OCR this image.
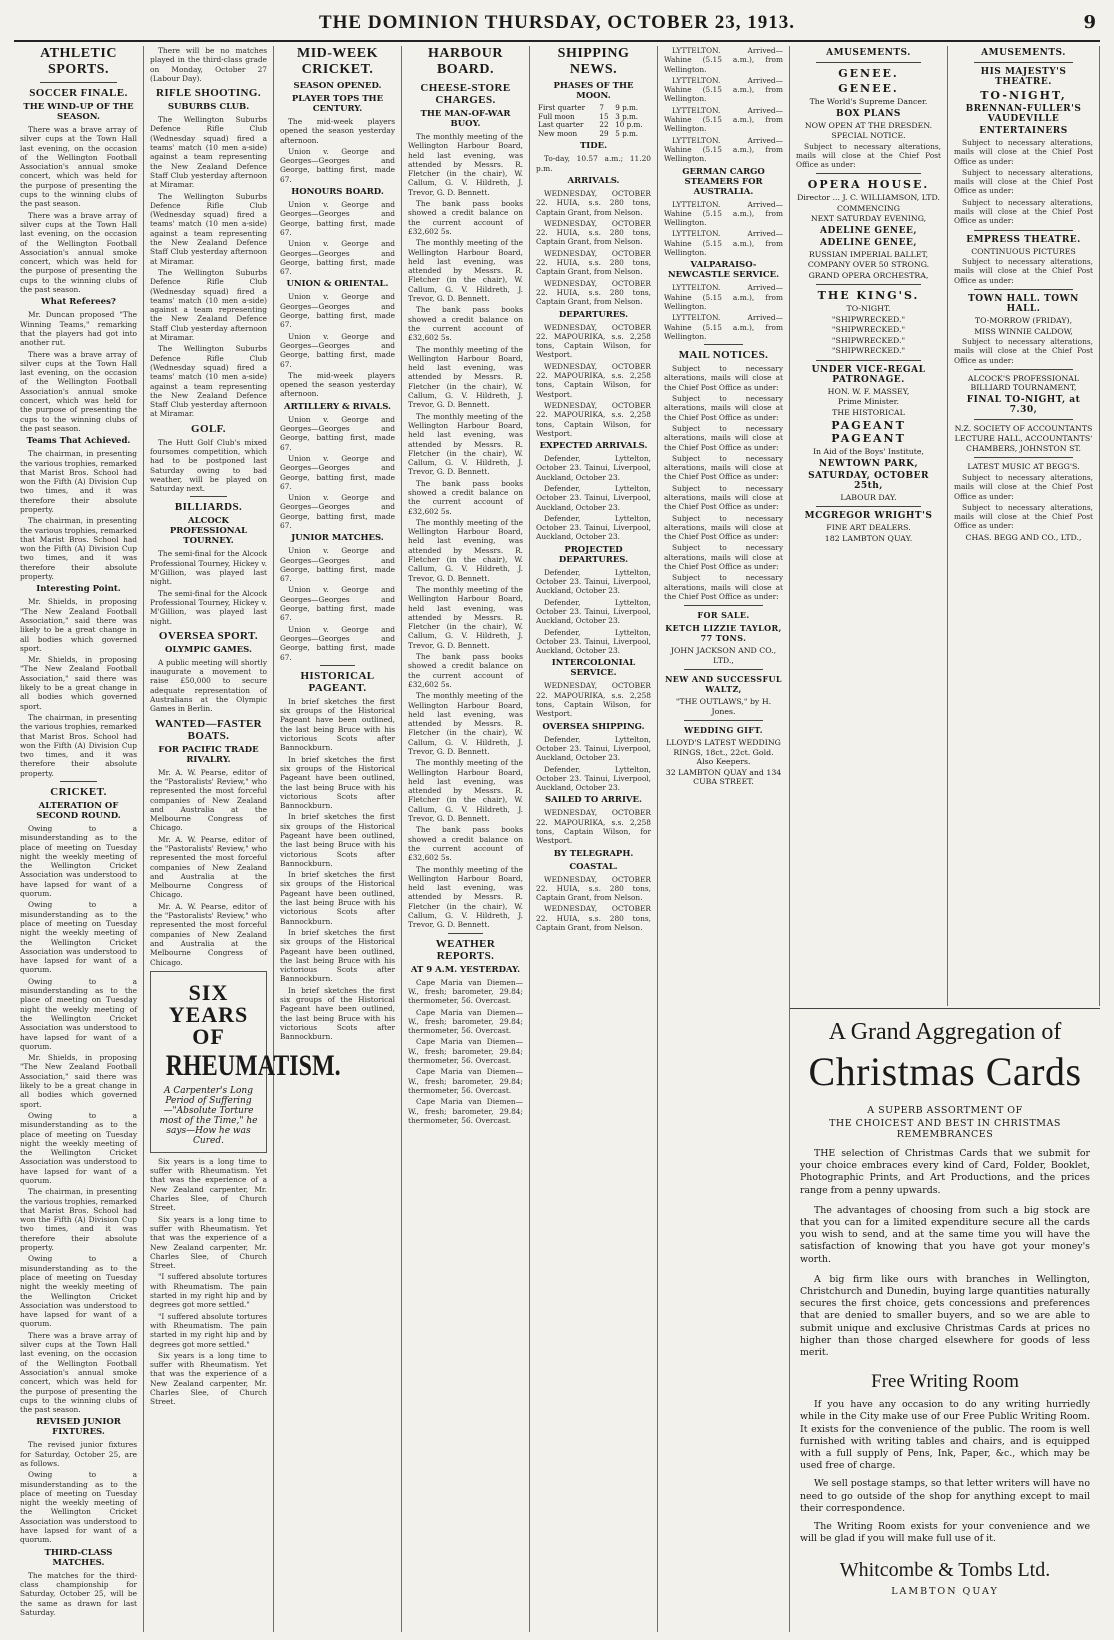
THE DOMINION THURSDAY, OCTOBER 23, 1913.	9
ATHLETIC SPORTS.
SOCCER FINALE.
THE WIND-UP OF THE SEASON.

There was a brave array of silver cups at the Town Hall last evening, on the occasion of the Wellington Football Association's annual smoke concert, which was held for the purpose of presenting the cups to the winning clubs of the past season.

There was a brave array of silver cups at the Town Hall last evening, on the occasion of the Wellington Football Association's annual smoke concert, which was held for the purpose of presenting the cups to the winning clubs of the past season.

What Referees?

Mr. Duncan proposed "The Winning Teams," remarking that the players had got into another rut.

There was a brave array of silver cups at the Town Hall last evening, on the occasion of the Wellington Football Association's annual smoke concert, which was held for the purpose of presenting the cups to the winning clubs of the past season.

Teams That Achieved.

The chairman, in presenting the various trophies, remarked that Marist Bros. School had won the Fifth (A) Division Cup two times, and it was therefore their absolute property.

The chairman, in presenting the various trophies, remarked that Marist Bros. School had won the Fifth (A) Division Cup two times, and it was therefore their absolute property.

Interesting Point.

Mr. Shields, in proposing "The New Zealand Football Association," said there was likely to be a great change in all bodies which governed sport.

Mr. Shields, in proposing "The New Zealand Football Association," said there was likely to be a great change in all bodies which governed sport.

The chairman, in presenting the various trophies, remarked that Marist Bros. School had won the Fifth (A) Division Cup two times, and it was therefore their absolute property.

CRICKET.
ALTERATION OF SECOND ROUND.

Owing to a misunderstanding as to the place of meeting on Tuesday night the weekly meeting of the Wellington Cricket Association was understood to have lapsed for want of a quorum.

Owing to a misunderstanding as to the place of meeting on Tuesday night the weekly meeting of the Wellington Cricket Association was understood to have lapsed for want of a quorum.

Owing to a misunderstanding as to the place of meeting on Tuesday night the weekly meeting of the Wellington Cricket Association was understood to have lapsed for want of a quorum.

Mr. Shields, in proposing "The New Zealand Football Association," said there was likely to be a great change in all bodies which governed sport.

Owing to a misunderstanding as to the place of meeting on Tuesday night the weekly meeting of the Wellington Cricket Association was understood to have lapsed for want of a quorum.

The chairman, in presenting the various trophies, remarked that Marist Bros. School had won the Fifth (A) Division Cup two times, and it was therefore their absolute property.

Owing to a misunderstanding as to the place of meeting on Tuesday night the weekly meeting of the Wellington Cricket Association was understood to have lapsed for want of a quorum.

There was a brave array of silver cups at the Town Hall last evening, on the occasion of the Wellington Football Association's annual smoke concert, which was held for the purpose of presenting the cups to the winning clubs of the past season.

REVISED JUNIOR FIXTURES.

The revised junior fixtures for Saturday, October 25, are as follows.

Owing to a misunderstanding as to the place of meeting on Tuesday night the weekly meeting of the Wellington Cricket Association was understood to have lapsed for want of a quorum.

THIRD-CLASS MATCHES.

The matches for the third-class championship for Saturday, October 25, will be the same as drawn for last Saturday.

There will be no matches played in the third-class grade on Monday, October 27 (Labour Day).

RIFLE SHOOTING.
SUBURBS CLUB.

The Wellington Suburbs Defence Rifle Club (Wednesday squad) fired a teams' match (10 men a-side) against a team representing the New Zealand Defence Staff Club yesterday afternoon at Miramar.

The Wellington Suburbs Defence Rifle Club (Wednesday squad) fired a teams' match (10 men a-side) against a team representing the New Zealand Defence Staff Club yesterday afternoon at Miramar.

The Wellington Suburbs Defence Rifle Club (Wednesday squad) fired a teams' match (10 men a-side) against a team representing the New Zealand Defence Staff Club yesterday afternoon at Miramar.

The Wellington Suburbs Defence Rifle Club (Wednesday squad) fired a teams' match (10 men a-side) against a team representing the New Zealand Defence Staff Club yesterday afternoon at Miramar.

GOLF.

The Hutt Golf Club's mixed foursomes competition, which had to be postponed last Saturday owing to bad weather, will be played on Saturday next.

BILLIARDS.
ALCOCK PROFESSIONAL TOURNEY.

The semi-final for the Alcock Professional Tourney, Hickey v. M'Gillion, was played last night.

The semi-final for the Alcock Professional Tourney, Hickey v. M'Gillion, was played last night.

OVERSEA SPORT.
OLYMPIC GAMES.

A public meeting will shortly inaugurate a movement to raise £50,000 to secure adequate representation of Australians at the Olympic Games in Berlin.

WANTED—FASTER BOATS.
FOR PACIFIC TRADE RIVALRY.

Mr. A. W. Pearse, editor of the "Pastoralists' Review," who represented the most forceful companies of New Zealand and Australia at the Melbourne Congress of Chicago.

Mr. A. W. Pearse, editor of the "Pastoralists' Review," who represented the most forceful companies of New Zealand and Australia at the Melbourne Congress of Chicago.

Mr. A. W. Pearse, editor of the "Pastoralists' Review," who represented the most forceful companies of New Zealand and Australia at the Melbourne Congress of Chicago.

SIX YEARS OF
RHEUMATISM.
A Carpenter's Long Period of Suffering—"Absolute Torture most of the Time," he says—How he was Cured.

Six years is a long time to suffer with Rheumatism. Yet that was the experience of a New Zealand carpenter, Mr. Charles Slee, of Church Street.

Six years is a long time to suffer with Rheumatism. Yet that was the experience of a New Zealand carpenter, Mr. Charles Slee, of Church Street.

"I suffered absolute tortures with Rheumatism. The pain started in my right hip and by degrees got more settled."

"I suffered absolute tortures with Rheumatism. The pain started in my right hip and by degrees got more settled."

Six years is a long time to suffer with Rheumatism. Yet that was the experience of a New Zealand carpenter, Mr. Charles Slee, of Church Street.

MID-WEEK CRICKET.
SEASON OPENED.
PLAYER TOPS THE CENTURY.

The mid-week players opened the season yesterday afternoon.

Union v. George and Georges—Georges and George, batting first, made 67.

HONOURS BOARD.

Union v. George and Georges—Georges and George, batting first, made 67.

Union v. George and Georges—Georges and George, batting first, made 67.

UNION & ORIENTAL.

Union v. George and Georges—Georges and George, batting first, made 67.

Union v. George and Georges—Georges and George, batting first, made 67.

The mid-week players opened the season yesterday afternoon.

ARTILLERY & RIVALS.

Union v. George and Georges—Georges and George, batting first, made 67.

Union v. George and Georges—Georges and George, batting first, made 67.

Union v. George and Georges—Georges and George, batting first, made 67.

JUNIOR MATCHES.

Union v. George and Georges—Georges and George, batting first, made 67.

Union v. George and Georges—Georges and George, batting first, made 67.

Union v. George and Georges—Georges and George, batting first, made 67.

HISTORICAL PAGEANT.

In brief sketches the first six groups of the Historical Pageant have been outlined, the last being Bruce with his victorious Scots after Bannockburn.

In brief sketches the first six groups of the Historical Pageant have been outlined, the last being Bruce with his victorious Scots after Bannockburn.

In brief sketches the first six groups of the Historical Pageant have been outlined, the last being Bruce with his victorious Scots after Bannockburn.

In brief sketches the first six groups of the Historical Pageant have been outlined, the last being Bruce with his victorious Scots after Bannockburn.

In brief sketches the first six groups of the Historical Pageant have been outlined, the last being Bruce with his victorious Scots after Bannockburn.

In brief sketches the first six groups of the Historical Pageant have been outlined, the last being Bruce with his victorious Scots after Bannockburn.

HARBOUR BOARD.
CHEESE-STORE CHARGES.
THE MAN-OF-WAR BUOY.

The monthly meeting of the Wellington Harbour Board, held last evening, was attended by Messrs. R. Fletcher (in the chair), W. Callum, G. V. Hildreth, J. Trevor, G. D. Bennett.

The bank pass books showed a credit balance on the current account of £32,602 5s.

The monthly meeting of the Wellington Harbour Board, held last evening, was attended by Messrs. R. Fletcher (in the chair), W. Callum, G. V. Hildreth, J. Trevor, G. D. Bennett.

The bank pass books showed a credit balance on the current account of £32,602 5s.

The monthly meeting of the Wellington Harbour Board, held last evening, was attended by Messrs. R. Fletcher (in the chair), W. Callum, G. V. Hildreth, J. Trevor, G. D. Bennett.

The monthly meeting of the Wellington Harbour Board, held last evening, was attended by Messrs. R. Fletcher (in the chair), W. Callum, G. V. Hildreth, J. Trevor, G. D. Bennett.

The bank pass books showed a credit balance on the current account of £32,602 5s.

The monthly meeting of the Wellington Harbour Board, held last evening, was attended by Messrs. R. Fletcher (in the chair), W. Callum, G. V. Hildreth, J. Trevor, G. D. Bennett.

The monthly meeting of the Wellington Harbour Board, held last evening, was attended by Messrs. R. Fletcher (in the chair), W. Callum, G. V. Hildreth, J. Trevor, G. D. Bennett.

The bank pass books showed a credit balance on the current account of £32,602 5s.

The monthly meeting of the Wellington Harbour Board, held last evening, was attended by Messrs. R. Fletcher (in the chair), W. Callum, G. V. Hildreth, J. Trevor, G. D. Bennett.

The monthly meeting of the Wellington Harbour Board, held last evening, was attended by Messrs. R. Fletcher (in the chair), W. Callum, G. V. Hildreth, J. Trevor, G. D. Bennett.

The bank pass books showed a credit balance on the current account of £32,602 5s.

The monthly meeting of the Wellington Harbour Board, held last evening, was attended by Messrs. R. Fletcher (in the chair), W. Callum, G. V. Hildreth, J. Trevor, G. D. Bennett.

WEATHER REPORTS.
AT 9 A.M. YESTERDAY.

Cape Maria van Diemen—W., fresh; barometer, 29.84; thermometer, 56. Overcast.

Cape Maria van Diemen—W., fresh; barometer, 29.84; thermometer, 56. Overcast.

Cape Maria van Diemen—W., fresh; barometer, 29.84; thermometer, 56. Overcast.

Cape Maria van Diemen—W., fresh; barometer, 29.84; thermometer, 56. Overcast.

Cape Maria van Diemen—W., fresh; barometer, 29.84; thermometer, 56. Overcast.

SHIPPING NEWS.
PHASES OF THE MOON.
First quarter	7	9 p.m.
Full moon	15	3 p.m.
Last quarter	22	10 p.m.
New moon	29	5 p.m.
TIDE.

To-day, 10.57 a.m.; 11.20 p.m.

ARRIVALS.

WEDNESDAY, OCTOBER 22. HUIA, s.s. 280 tons, Captain Grant, from Nelson.

WEDNESDAY, OCTOBER 22. HUIA, s.s. 280 tons, Captain Grant, from Nelson.

WEDNESDAY, OCTOBER 22. HUIA, s.s. 280 tons, Captain Grant, from Nelson.

WEDNESDAY, OCTOBER 22. HUIA, s.s. 280 tons, Captain Grant, from Nelson.

DEPARTURES.

WEDNESDAY, OCTOBER 22. MAPOURIKA, s.s. 2,258 tons, Captain Wilson, for Westport.

WEDNESDAY, OCTOBER 22. MAPOURIKA, s.s. 2,258 tons, Captain Wilson, for Westport.

WEDNESDAY, OCTOBER 22. MAPOURIKA, s.s. 2,258 tons, Captain Wilson, for Westport.

EXPECTED ARRIVALS.

Defender, Lyttelton, October 23. Tainui, Liverpool, Auckland, October 23.

Defender, Lyttelton, October 23. Tainui, Liverpool, Auckland, October 23.

Defender, Lyttelton, October 23. Tainui, Liverpool, Auckland, October 23.

PROJECTED DEPARTURES.

Defender, Lyttelton, October 23. Tainui, Liverpool, Auckland, October 23.

Defender, Lyttelton, October 23. Tainui, Liverpool, Auckland, October 23.

Defender, Lyttelton, October 23. Tainui, Liverpool, Auckland, October 23.

INTERCOLONIAL SERVICE.

WEDNESDAY, OCTOBER 22. MAPOURIKA, s.s. 2,258 tons, Captain Wilson, for Westport.

OVERSEA SHIPPING.

Defender, Lyttelton, October 23. Tainui, Liverpool, Auckland, October 23.

Defender, Lyttelton, October 23. Tainui, Liverpool, Auckland, October 23.

SAILED TO ARRIVE.

WEDNESDAY, OCTOBER 22. MAPOURIKA, s.s. 2,258 tons, Captain Wilson, for Westport.

BY TELEGRAPH.
COASTAL.

WEDNESDAY, OCTOBER 22. HUIA, s.s. 280 tons, Captain Grant, from Nelson.

WEDNESDAY, OCTOBER 22. HUIA, s.s. 280 tons, Captain Grant, from Nelson.

LYTTELTON. Arrived—Wahine (5.15 a.m.), from Wellington.

LYTTELTON. Arrived—Wahine (5.15 a.m.), from Wellington.

LYTTELTON. Arrived—Wahine (5.15 a.m.), from Wellington.

LYTTELTON. Arrived—Wahine (5.15 a.m.), from Wellington.

GERMAN CARGO STEAMERS FOR AUSTRALIA.

LYTTELTON. Arrived—Wahine (5.15 a.m.), from Wellington.

LYTTELTON. Arrived—Wahine (5.15 a.m.), from Wellington.

VALPARAISO-NEWCASTLE SERVICE.

LYTTELTON. Arrived—Wahine (5.15 a.m.), from Wellington.

LYTTELTON. Arrived—Wahine (5.15 a.m.), from Wellington.

MAIL NOTICES.

Subject to necessary alterations, mails will close at the Chief Post Office as under:

Subject to necessary alterations, mails will close at the Chief Post Office as under:

Subject to necessary alterations, mails will close at the Chief Post Office as under:

Subject to necessary alterations, mails will close at the Chief Post Office as under:

Subject to necessary alterations, mails will close at the Chief Post Office as under:

Subject to necessary alterations, mails will close at the Chief Post Office as under:

Subject to necessary alterations, mails will close at the Chief Post Office as under:

Subject to necessary alterations, mails will close at the Chief Post Office as under:

FOR SALE.
KETCH LIZZIE TAYLOR, 77 TONS.
JOHN JACKSON AND CO., LTD.,
NEW AND SUCCESSFUL WALTZ,
"THE OUTLAWS," by H. Jones.
WEDDING GIFT.
LLOYD'S LATEST WEDDING RINGS, 18ct., 22ct. Gold. Also Keepers.
32 LAMBTON QUAY and 134 CUBA STREET.
AMUSEMENTS.
GENEE.
GENEE.
The World's Supreme Dancer.
BOX PLANS
NOW OPEN AT THE DRESDEN.
SPECIAL NOTICE.

Subject to necessary alterations, mails will close at the Chief Post Office as under:

OPERA HOUSE.
Director ... J. C. WILLIAMSON, LTD.
COMMENCING
NEXT SATURDAY EVENING,
ADELINE GENEE,
ADELINE GENEE,
RUSSIAN IMPERIAL BALLET,
COMPANY OVER 50 STRONG.
GRAND OPERA ORCHESTRA,
THE KING'S.
TO-NIGHT.
"SHIPWRECKED."
"SHIPWRECKED."
"SHIPWRECKED."
"SHIPWRECKED."
UNDER VICE-REGAL PATRONAGE.
HON. W. F. MASSEY,
Prime Minister.
THE HISTORICAL
PAGEANT PAGEANT
In Aid of the Boys' Institute,
NEWTOWN PARK,
SATURDAY, OCTOBER 25th,
LABOUR DAY.
MCGREGOR WRIGHT'S
FINE ART DEALERS.
182 LAMBTON QUAY.
AMUSEMENTS.
HIS MAJESTY'S THEATRE.
TO-NIGHT,
BRENNAN-FULLER'S VAUDEVILLE
ENTERTAINERS

Subject to necessary alterations, mails will close at the Chief Post Office as under:

Subject to necessary alterations, mails will close at the Chief Post Office as under:

Subject to necessary alterations, mails will close at the Chief Post Office as under:

EMPRESS THEATRE.
CONTINUOUS PICTURES

Subject to necessary alterations, mails will close at the Chief Post Office as under:

TOWN HALL. TOWN HALL.
TO-MORROW (FRIDAY),
MISS WINNIE CALDOW,

Subject to necessary alterations, mails will close at the Chief Post Office as under:

ALCOCK'S PROFESSIONAL BILLIARD TOURNAMENT,
FINAL TO-NIGHT, at 7.30,
N.Z. SOCIETY OF ACCOUNTANTS
LECTURE HALL, ACCOUNTANTS' CHAMBERS, JOHNSTON ST.
LATEST MUSIC AT BEGG'S.

Subject to necessary alterations, mails will close at the Chief Post Office as under:

Subject to necessary alterations, mails will close at the Chief Post Office as under:

CHAS. BEGG AND CO., LTD.,
A Grand Aggregation of
Christmas Cards
A SUPERB ASSORTMENT OF
THE CHOICEST AND BEST IN CHRISTMAS REMEMBRANCES

THE selection of Christmas Cards that we submit for your choice embraces every kind of Card, Folder, Booklet, Photographic Prints, and Art Productions, and the prices range from a penny upwards.

The advantages of choosing from such a big stock are that you can for a limited expenditure secure all the cards you wish to send, and at the same time you will have the satisfaction of knowing that you have got your money's worth.

A big firm like ours with branches in Wellington, Christchurch and Dunedin, buying large quantities naturally secures the first choice, gets concessions and preferences that are denied to smaller buyers, and so we are able to submit unique and exclusive Christmas Cards at prices no higher than those charged elsewhere for goods of less merit.

Free Writing Room

If you have any occasion to do any writing hurriedly while in the City make use of our Free Public Writing Room. It exists for the convenience of the public. The room is well furnished with writing tables and chairs, and is equipped with a full supply of Pens, Ink, Paper, &c., which may be used free of charge.

We sell postage stamps, so that letter writers will have no need to go outside of the shop for anything except to mail their correspondence.

The Writing Room exists for your convenience and we will be glad if you will make full use of it.

Whitcombe & Tombs Ltd.
LAMBTON QUAY
